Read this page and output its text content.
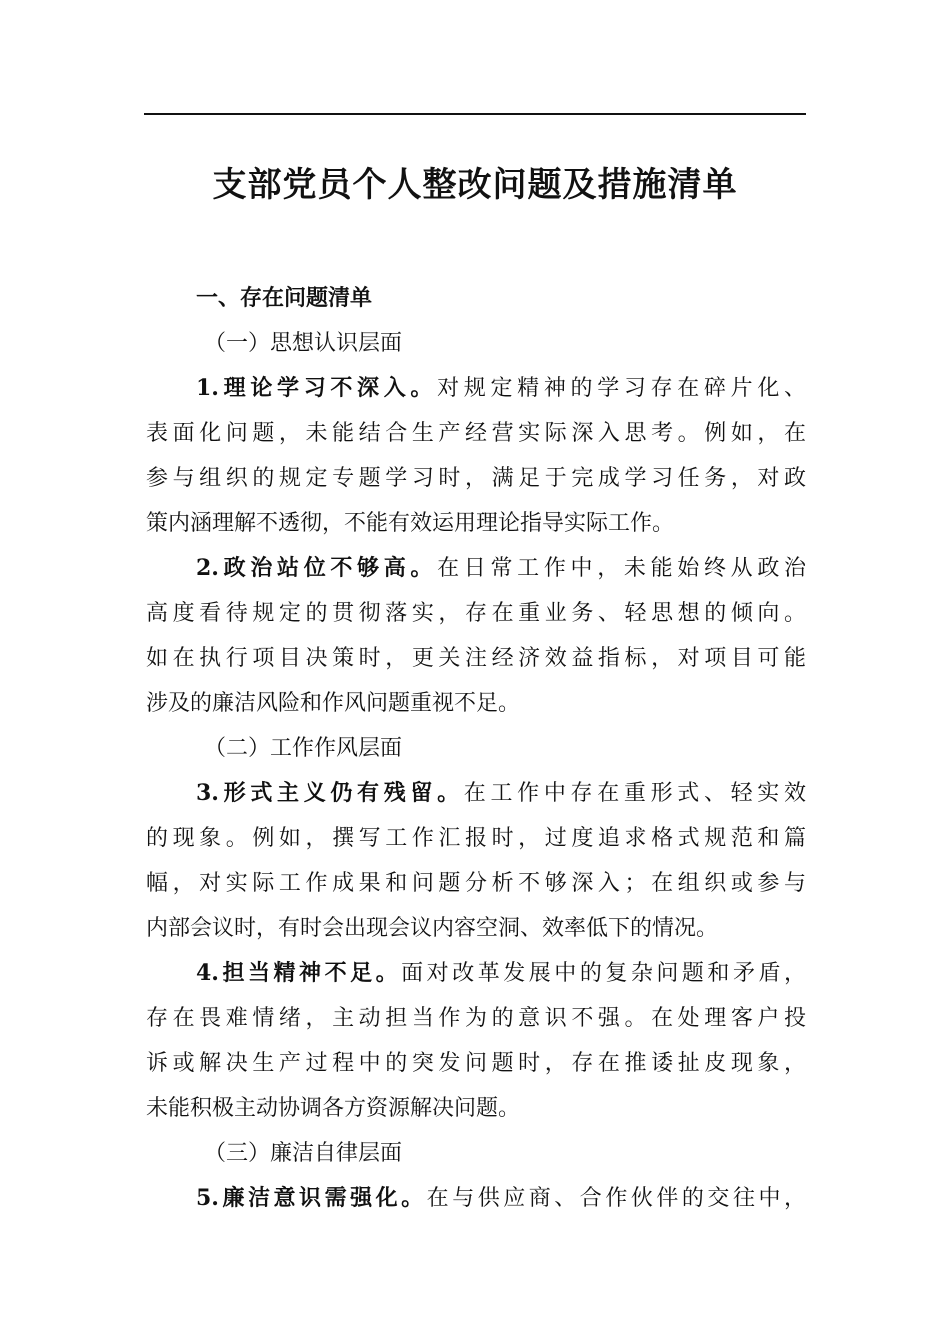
支部党员个人整改问题及措施清单
一、存在问题清单
（一）思想认识层面
1.理论学习不深入。对规定精神的学习存在碎片化、
表面化问题，未能结合生产经营实际深入思考。例如，在
参与组织的规定专题学习时，满足于完成学习任务，对政
策内涵理解不透彻，不能有效运用理论指导实际工作。
2.政治站位不够高。在日常工作中，未能始终从政治
高度看待规定的贯彻落实，存在重业务、轻思想的倾向。
如在执行项目决策时，更关注经济效益指标，对项目可能
涉及的廉洁风险和作风问题重视不足。
（二）工作作风层面
3.形式主义仍有残留。在工作中存在重形式、轻实效
的现象。例如，撰写工作汇报时，过度追求格式规范和篇
幅，对实际工作成果和问题分析不够深入；在组织或参与
内部会议时，有时会出现会议内容空洞、效率低下的情况。
4.担当精神不足。面对改革发展中的复杂问题和矛盾，
存在畏难情绪，主动担当作为的意识不强。在处理客户投
诉或解决生产过程中的突发问题时，存在推诿扯皮现象，
未能积极主动协调各方资源解决问题。
（三）廉洁自律层面
5.廉洁意识需强化。在与供应商、合作伙伴的交往中，
